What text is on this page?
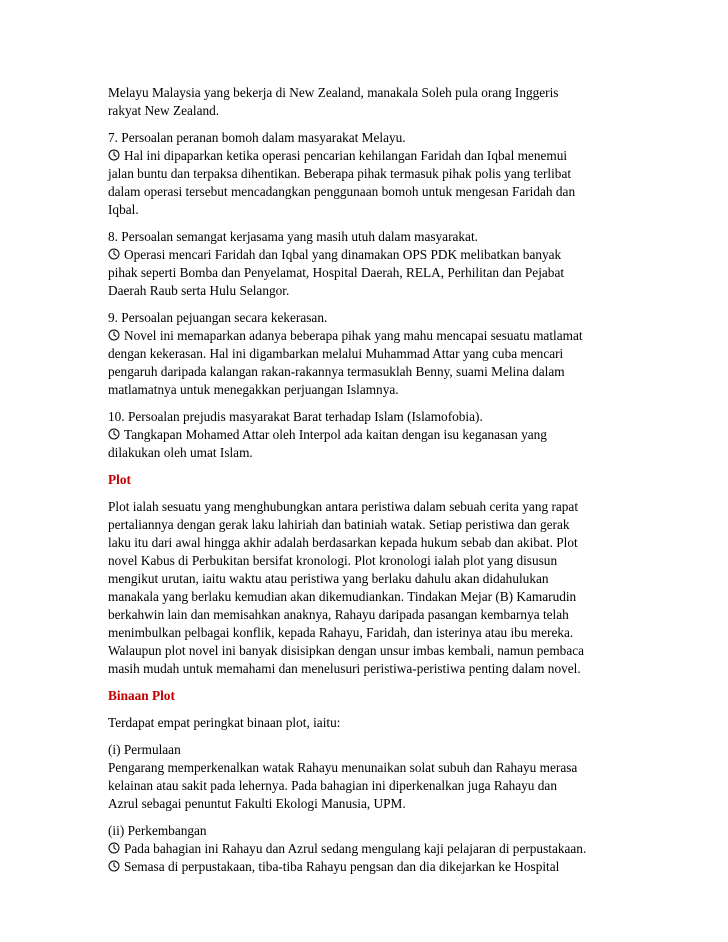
Melayu Malaysia yang bekerja di New Zealand, manakala Soleh pula orang Inggeris
rakyat New Zealand.
7. Persoalan peranan bomoh dalam masyarakat Melayu.
Hal ini dipaparkan ketika operasi pencarian kehilangan Faridah dan Iqbal menemui
jalan buntu dan terpaksa dihentikan. Beberapa pihak termasuk pihak polis yang terlibat
dalam operasi tersebut mencadangkan penggunaan bomoh untuk mengesan Faridah dan
Iqbal.
8. Persoalan semangat kerjasama yang masih utuh dalam masyarakat.
Operasi mencari Faridah dan Iqbal yang dinamakan OPS PDK melibatkan banyak
pihak seperti Bomba dan Penyelamat, Hospital Daerah, RELA, Perhilitan dan Pejabat
Daerah Raub serta Hulu Selangor.
9. Persoalan pejuangan secara kekerasan.
Novel ini memaparkan adanya beberapa pihak yang mahu mencapai sesuatu matlamat
dengan kekerasan. Hal ini digambarkan melalui Muhammad Attar yang cuba mencari
pengaruh daripada kalangan rakan-rakannya termasuklah Benny, suami Melina dalam
matlamatnya untuk menegakkan perjuangan Islamnya.
10. Persoalan prejudis masyarakat Barat terhadap Islam (Islamofobia).
Tangkapan Mohamed Attar oleh Interpol ada kaitan dengan isu keganasan yang
dilakukan oleh umat Islam.
Plot
Plot ialah sesuatu yang menghubungkan antara peristiwa dalam sebuah cerita yang rapat
pertaliannya dengan gerak laku lahiriah dan batiniah watak. Setiap peristiwa dan gerak
laku itu dari awal hingga akhir adalah berdasarkan kepada hukum sebab dan akibat. Plot
novel Kabus di Perbukitan bersifat kronologi. Plot kronologi ialah plot yang disusun
mengikut urutan, iaitu waktu atau peristiwa yang berlaku dahulu akan didahulukan
manakala yang berlaku kemudian akan dikemudiankan. Tindakan Mejar (B) Kamarudin
berkahwin lain dan memisahkan anaknya, Rahayu daripada pasangan kembarnya telah
menimbulkan pelbagai konflik, kepada Rahayu, Faridah, dan isterinya atau ibu mereka.
Walaupun plot novel ini banyak disisipkan dengan unsur imbas kembali, namun pembaca
masih mudah untuk memahami dan menelusuri peristiwa-peristiwa penting dalam novel.
Binaan Plot
Terdapat empat peringkat binaan plot, iaitu:
(i) Permulaan
Pengarang memperkenalkan watak Rahayu menunaikan solat subuh dan Rahayu merasa
kelainan atau sakit pada lehernya. Pada bahagian ini diperkenalkan juga Rahayu dan
Azrul sebagai penuntut Fakulti Ekologi Manusia, UPM.
(ii) Perkembangan
Pada bahagian ini Rahayu dan Azrul sedang mengulang kaji pelajaran di perpustakaan.
Semasa di perpustakaan, tiba-tiba Rahayu pengsan dan dia dikejarkan ke Hospital
